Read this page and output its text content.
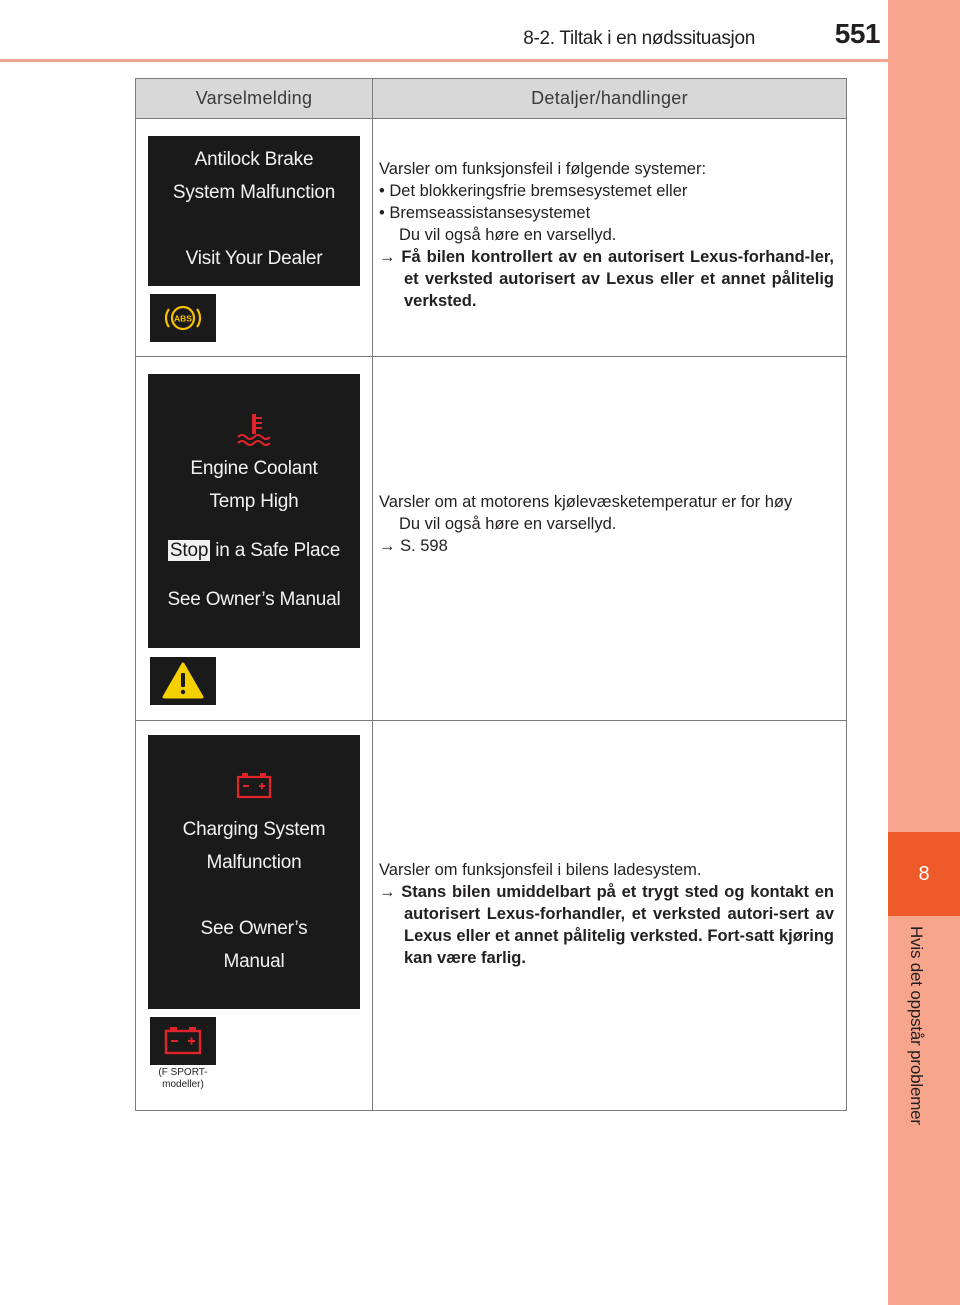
8-2. Tiltak i en nødssituasjon	551
8
Hvis det oppstår problemer
Varselmelding	Detaljer/handlinger
Antilock Brake
System Malfunction
Visit Your Dealer
ABS

Varsler om funksjonsfeil i følgende systemer:

• Det blokkeringsfrie bremsesystemet eller

• Bremseassistansesystemet

Du vil også høre en varsellyd.

→ Få bilen kontrollert av en autorisert Lexus-forhand-ler, et verksted autorisert av Lexus eller et annet pålitelig verksted.

Engine Coolant
Temp High
Stop in a Safe Place
See Owner’s Manual

Varsler om at motorens kjølevæsketemperatur er for høy

Du vil også høre en varsellyd.

→ S. 598

Charging System
Malfunction
See Owner’s
Manual
(F SPORT-modeller)

Varsler om funksjonsfeil i bilens ladesystem.

→ Stans bilen umiddelbart på et trygt sted og kontakt en autorisert Lexus-forhandler, et verksted autori-sert av Lexus eller et annet pålitelig verksted. Fort-satt kjøring kan være farlig.
